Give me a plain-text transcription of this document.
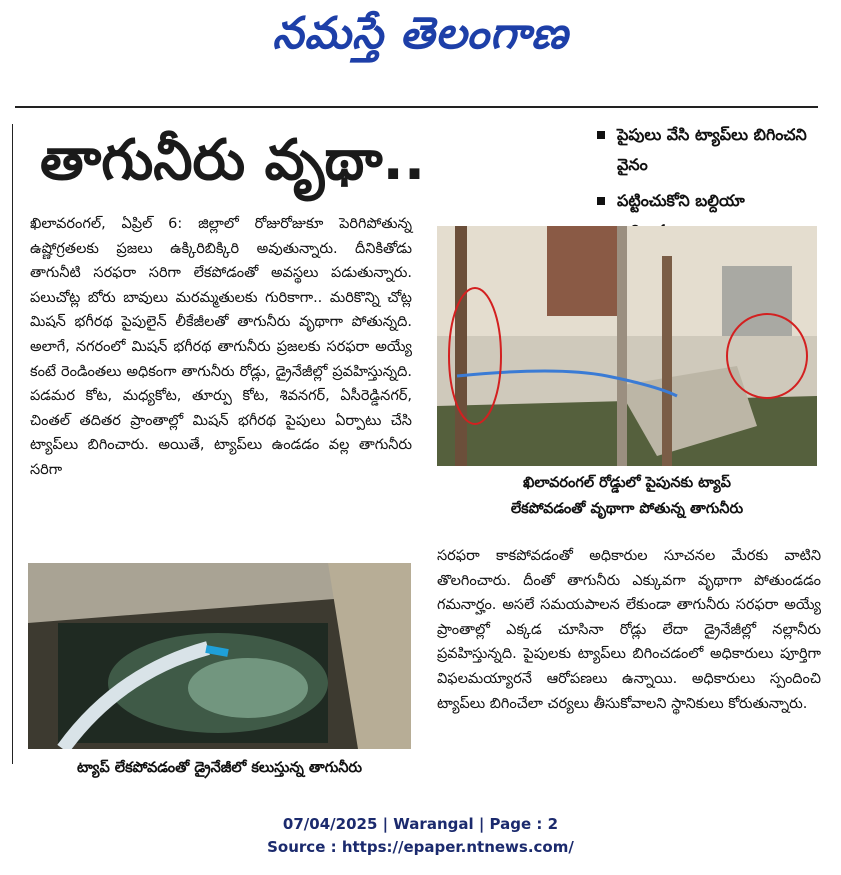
నమస్తే తెలంగాణ
తాగునీరు వృథా..	పైపులు వేసి ట్యాప్‌లు బిగించని వైనం
పట్టించుకోని బల్దియా
ఖిలావరంగల్, ఏప్రిల్ 6: జిల్లాలో రోజురోజుకూ పెరిగిపోతున్న ఉష్ణోగ్రతలకు ప్రజలు ఉక్కిరిబిక్కిరి అవుతున్నారు. దీనికితోడు తాగునీటి సరఫరా సరిగా లేకపోడంతో అవస్థలు పడుతున్నారు. పలుచోట్ల బోరు బావులు మరమ్మతులకు గురికాగా.. మరికొన్ని చోట్ల మిషన్ భగీరథ పైపులైన్ లీకేజీలతో తాగునీరు వృథాగా పోతున్నది. అలాగే, నగరంలో మిషన్ భగీరథ తాగునీరు ప్రజలకు సరఫరా అయ్యే కంటే రెండింతలు అధికంగా తాగునీరు రోడ్లు, డ్రైనేజీల్లో ప్రవహిస్తున్నది. పడమర కోట, మధ్యకోట, తూర్పు కోట, శివనగర్, ఏసీరెడ్డినగర్, చింతల్ తదితర ప్రాంతాల్లో మిషన్ భగీరథ పైపులు ఏర్పాటు చేసి ట్యాప్‌లు బిగించారు. అయితే, ట్యాప్‌లు ఉండడం వల్ల తాగునీరు సరిగా
ఖిలావరంగల్ రోడ్డులో పైపునకు ట్యాప్
లేకపోవడంతో వృథాగా పోతున్న తాగునీరు
ట్యాప్ లేకపోవడంతో డ్రైనేజీలో కలుస్తున్న తాగునీరు
సరఫరా కాకపోవడంతో అధికారుల సూచనల మేరకు వాటిని తొలగించారు. దీంతో తాగునీరు ఎక్కువగా వృథాగా పోతుండడం గమనార్హం. అసలే సమయపాలన లేకుండా తాగునీరు సరఫరా అయ్యే ప్రాంతాల్లో ఎక్కడ చూసినా రోడ్లు లేదా డ్రైనేజీల్లో నల్లానీరు ప్రవహిస్తున్నది. పైపులకు ట్యాప్‌లు బిగించడంలో అధికారులు పూర్తిగా విఫలమయ్యారనే ఆరోపణలు ఉన్నాయి. అధికారులు స్పందించి ట్యాప్‌లు బిగించేలా చర్యలు తీసుకోవాలని స్థానికులు కోరుతున్నారు.
07/04/2025 | Warangal | Page : 2
Source : https://epaper.ntnews.com/
